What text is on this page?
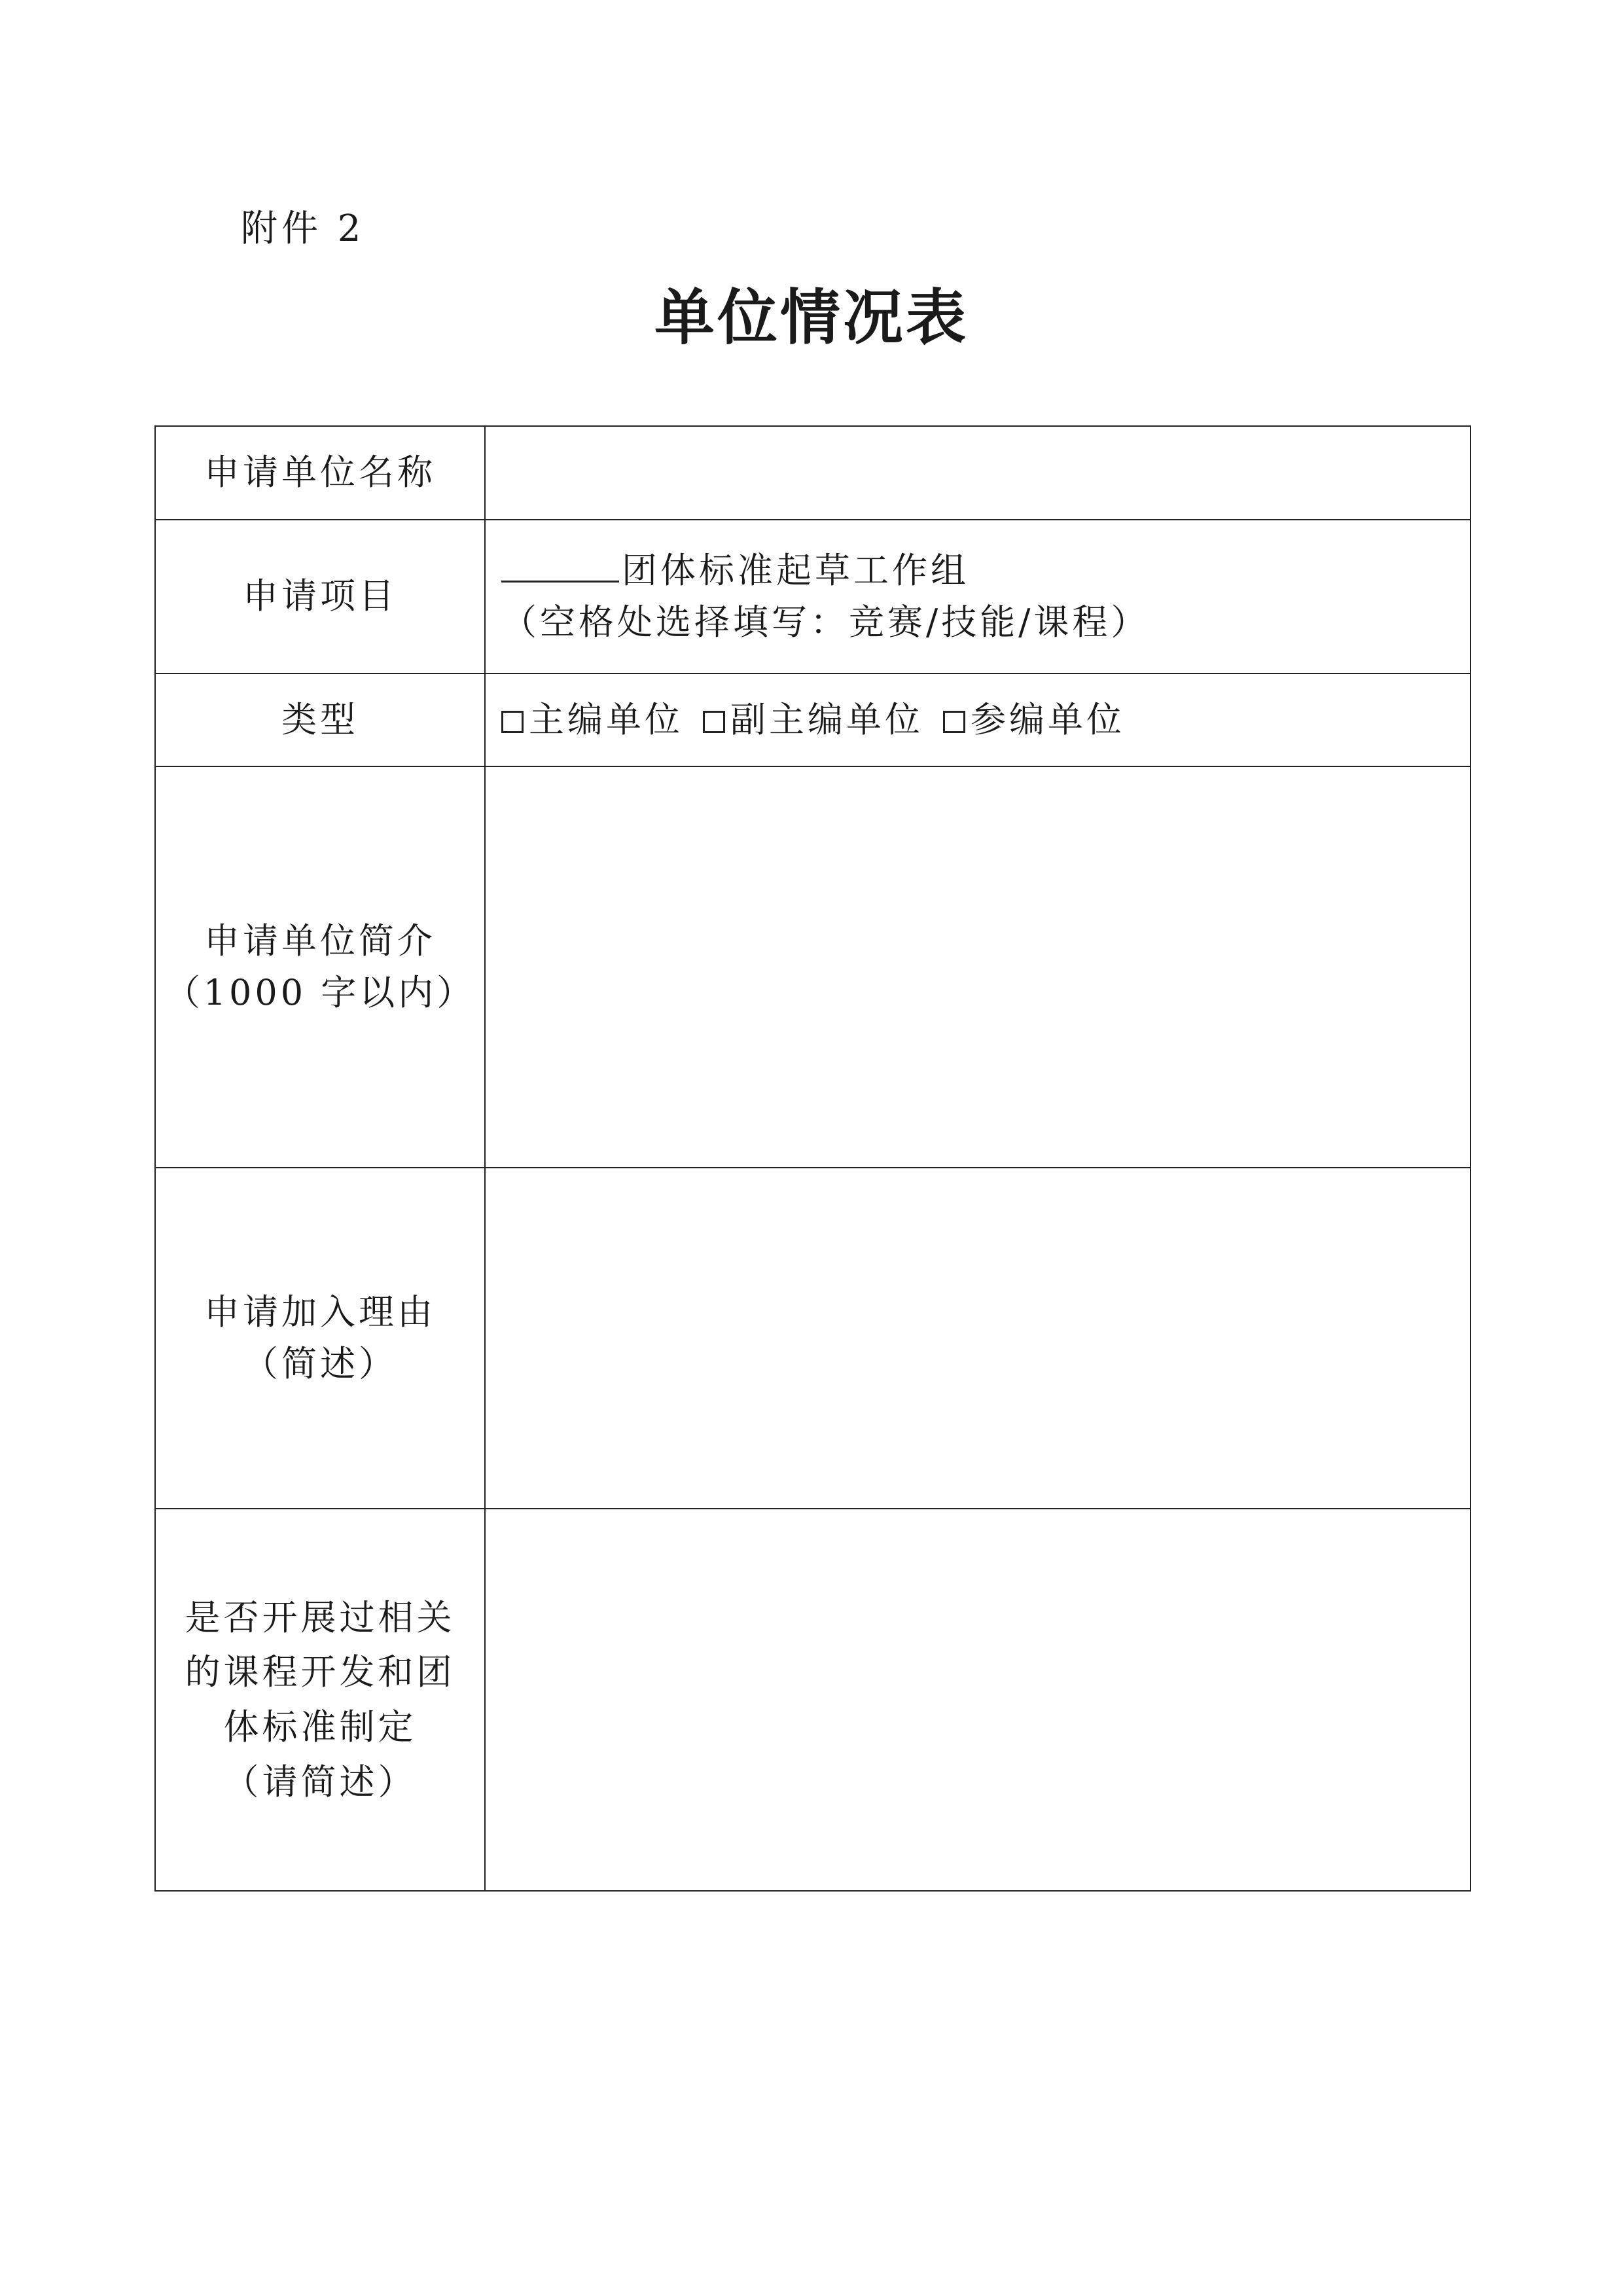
附件 2
单位情况表
申请单位名称	
申请项目	团体标准起草工作组
（空格处选择填写：竞赛/技能/课程）

类型	主编单位 副主编单位 参编单位

申请单位简介
（1000 字以内）	

申请加入理由
（简述）	

是否开展过相关
的课程开发和团
体标准制定
（请简述）	
